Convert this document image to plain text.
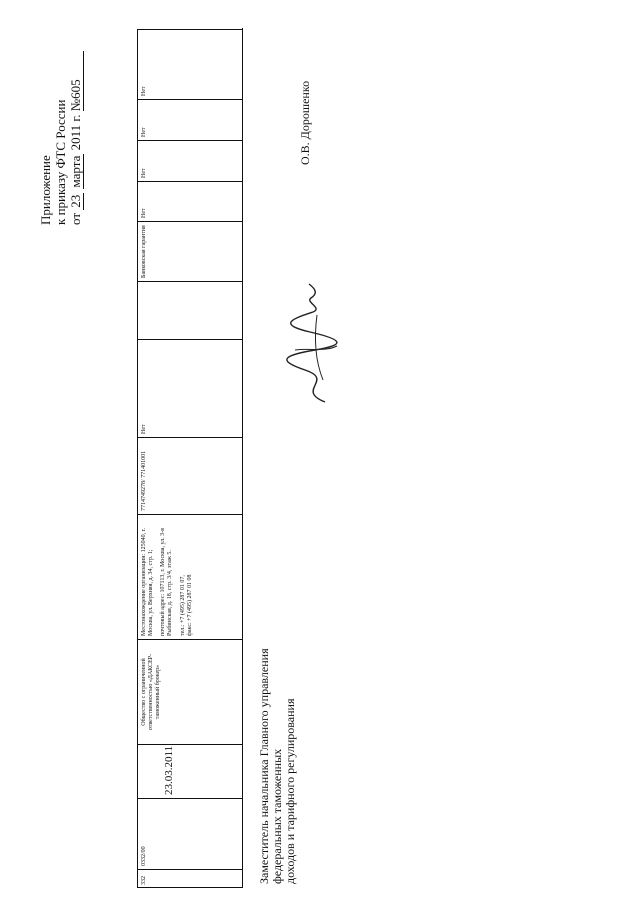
Приложение к приказу ФТС России от 23 марта 2011 г. №605
332
0332/00
23.03.2011
Общество с ограниченной ответственностью «ДАКСЕР-таможенный брокер»
Местонахождение организации: 125040, г. Москва, ул. Верхняя, д. 34, стр. 1;	почтовый адрес: 107113, г. Москва, ул. 3-я Рыбинская, д. 18, стр. 3/4, этаж 5.	тел.: +7 (495) 287 01 07, факс: +7 (495) 287 01 08
7714749278/ 771401001
Нет
Банковская гарантия
Нет
Нет
Нет
Нет
Заместитель начальника Главного управления федеральных таможенных доходов и тарифного регулирования
О.В. Дорошенко
